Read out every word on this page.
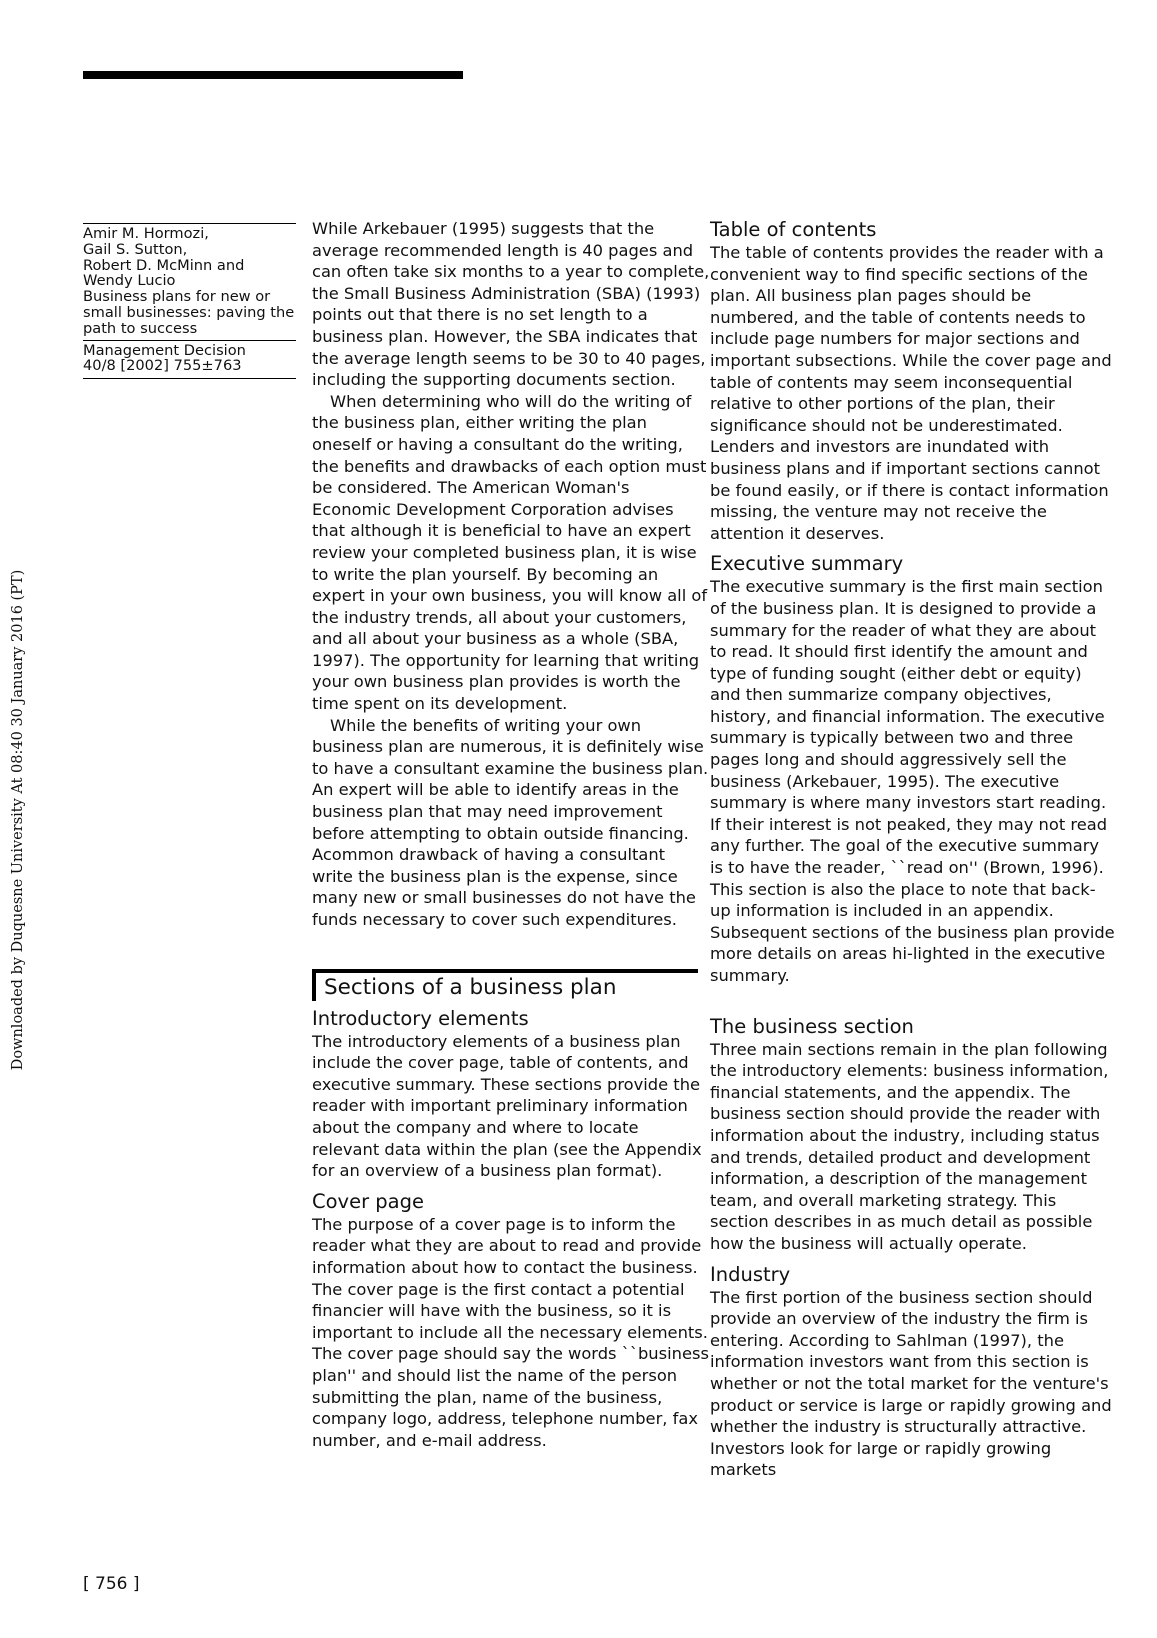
Downloaded by Duquesne University At 08:40 30 January 2016 (PT)
Amir M. Hormozi,
Gail S. Sutton,
Robert D. McMinn and
Wendy Lucio
Business plans for new or small businesses: paving the path to success
Management Decision
40/8 [2002] 755±763

While Arkebauer (1995) suggests that the average recommended length is 40 pages and can often take six months to a year to complete, the Small Business Administration (SBA) (1993) points out that there is no set length to a business plan. However, the SBA indicates that the average length seems to be 30 to 40 pages, including the supporting documents section.

When determining who will do the writing of the business plan, either writing the plan oneself or having a consultant do the writing, the benefits and drawbacks of each option must be considered. The American Woman's Economic Development Corporation advises that although it is beneficial to have an expert review your completed business plan, it is wise to write the plan yourself. By becoming an expert in your own business, you will know all of the industry trends, all about your customers, and all about your business as a whole (SBA, 1997). The opportunity for learning that writing your own business plan provides is worth the time spent on its development.

While the benefits of writing your own business plan are numerous, it is definitely wise to have a consultant examine the business plan. An expert will be able to identify areas in the business plan that may need improvement before attempting to obtain outside financing. Acommon drawback of having a consultant write the business plan is the expense, since many new or small businesses do not have the funds necessary to cover such expenditures.

Sections of a business plan
Introductory elements

The introductory elements of a business plan include the cover page, table of contents, and executive summary. These sections provide the reader with important preliminary information about the company and where to locate relevant data within the plan (see the Appendix for an overview of a business plan format).

Cover page

The purpose of a cover page is to inform the reader what they are about to read and provide information about how to contact the business. The cover page is the first contact a potential financier will have with the business, so it is important to include all the necessary elements. The cover page should say the words ``business plan'' and should list the name of the person submitting the plan, name of the business, company logo, address, telephone number, fax number, and e-mail address.

Table of contents

The table of contents provides the reader with a convenient way to find specific sections of the plan. All business plan pages should be numbered, and the table of contents needs to include page numbers for major sections and important subsections. While the cover page and table of contents may seem inconsequential relative to other portions of the plan, their significance should not be underestimated. Lenders and investors are inundated with business plans and if important sections cannot be found easily, or if there is contact information missing, the venture may not receive the attention it deserves.

Executive summary

The executive summary is the first main section of the business plan. It is designed to provide a summary for the reader of what they are about to read. It should first identify the amount and type of funding sought (either debt or equity) and then summarize company objectives, history, and financial information. The executive summary is typically between two and three pages long and should aggressively sell the business (Arkebauer, 1995). The executive summary is where many investors start reading. If their interest is not peaked, they may not read any further. The goal of the executive summary is to have the reader, ``read on'' (Brown, 1996). This section is also the place to note that back-up information is included in an appendix. Subsequent sections of the business plan provide more details on areas hi-lighted in the executive summary.

The business section

Three main sections remain in the plan following the introductory elements: business information, financial statements, and the appendix. The business section should provide the reader with information about the industry, including status and trends, detailed product and development information, a description of the management team, and overall marketing strategy. This section describes in as much detail as possible how the business will actually operate.

Industry

The first portion of the business section should provide an overview of the industry the firm is entering. According to Sahlman (1997), the information investors want from this section is whether or not the total market for the venture's product or service is large or rapidly growing and whether the industry is structurally attractive. Investors look for large or rapidly growing markets

[ 756 ]
